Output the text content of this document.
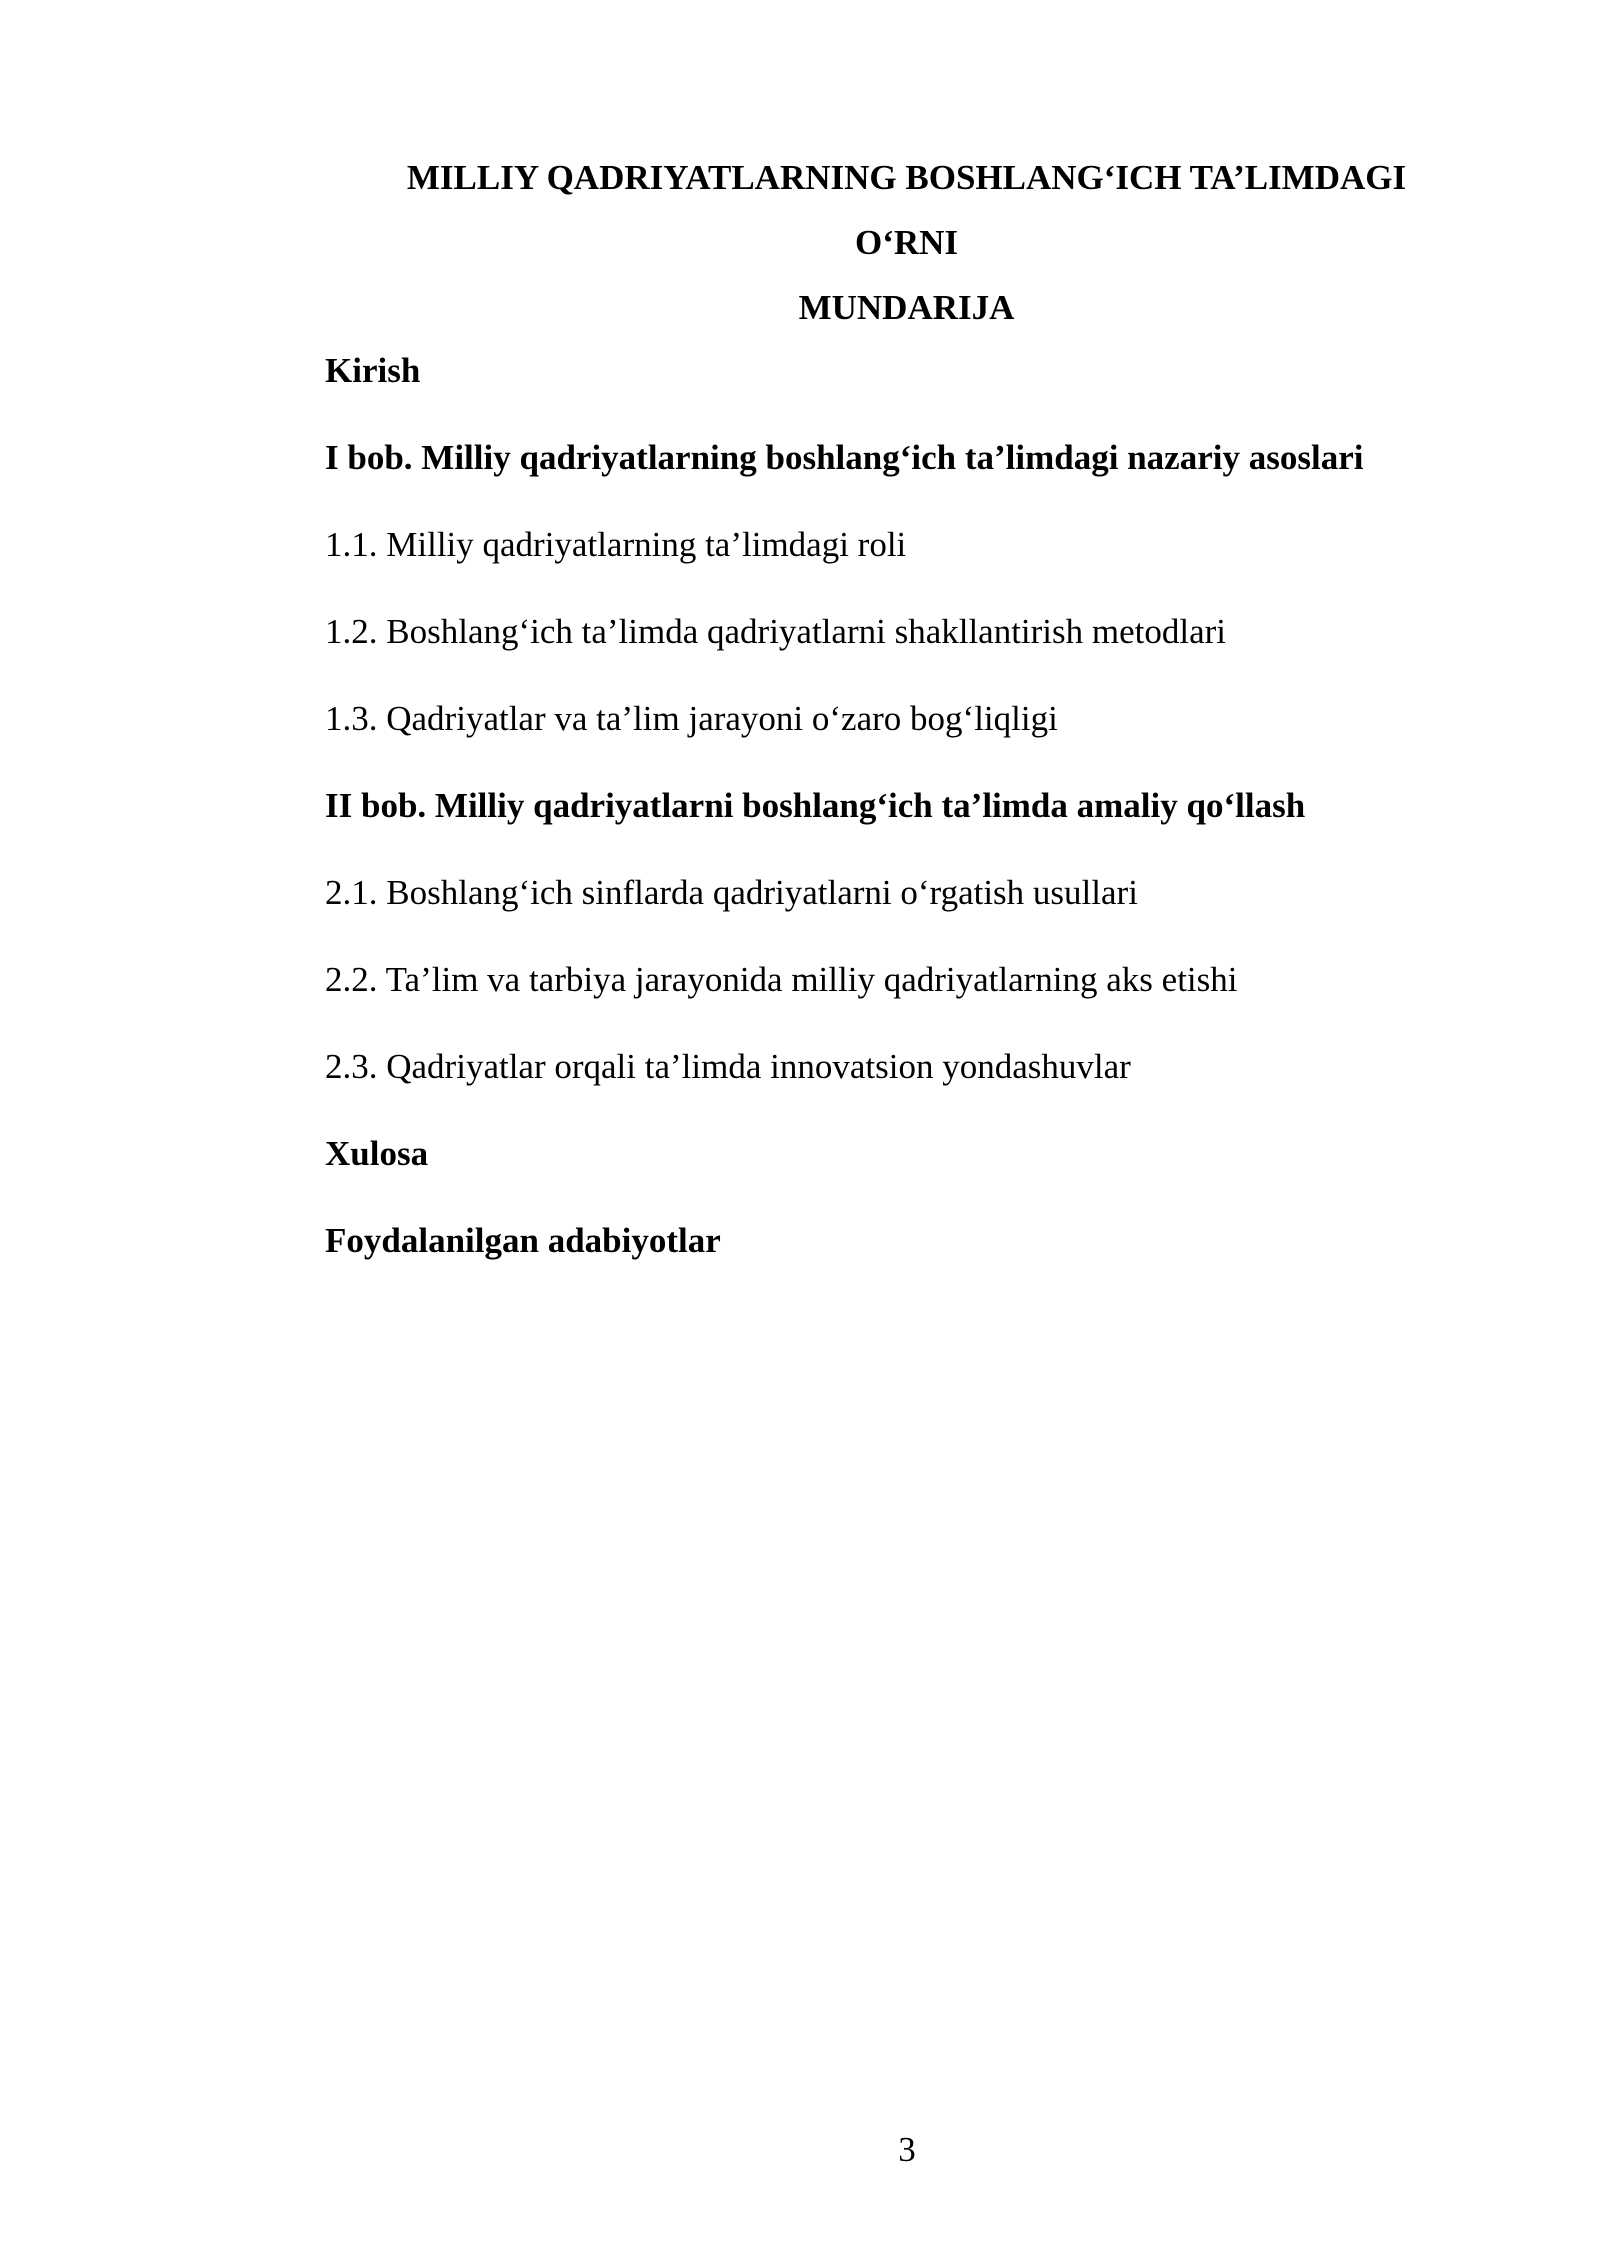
MILLIY QADRIYATLARNING BOSHLANG‘ICH TA’LIMDAGI
O‘RNI
MUNDARIJA
Kirish
I bob. Milliy qadriyatlarning boshlang‘ich ta’limdagi nazariy asoslari
1.1. Milliy qadriyatlarning ta’limdagi roli
1.2. Boshlang‘ich ta’limda qadriyatlarni shakllantirish metodlari
1.3. Qadriyatlar va ta’lim jarayoni o‘zaro bog‘liqligi
II bob. Milliy qadriyatlarni boshlang‘ich ta’limda amaliy qo‘llash
2.1. Boshlang‘ich sinflarda qadriyatlarni o‘rgatish usullari
2.2. Ta’lim va tarbiya jarayonida milliy qadriyatlarning aks etishi
2.3. Qadriyatlar orqali ta’limda innovatsion yondashuvlar
Xulosa
Foydalanilgan adabiyotlar
3
